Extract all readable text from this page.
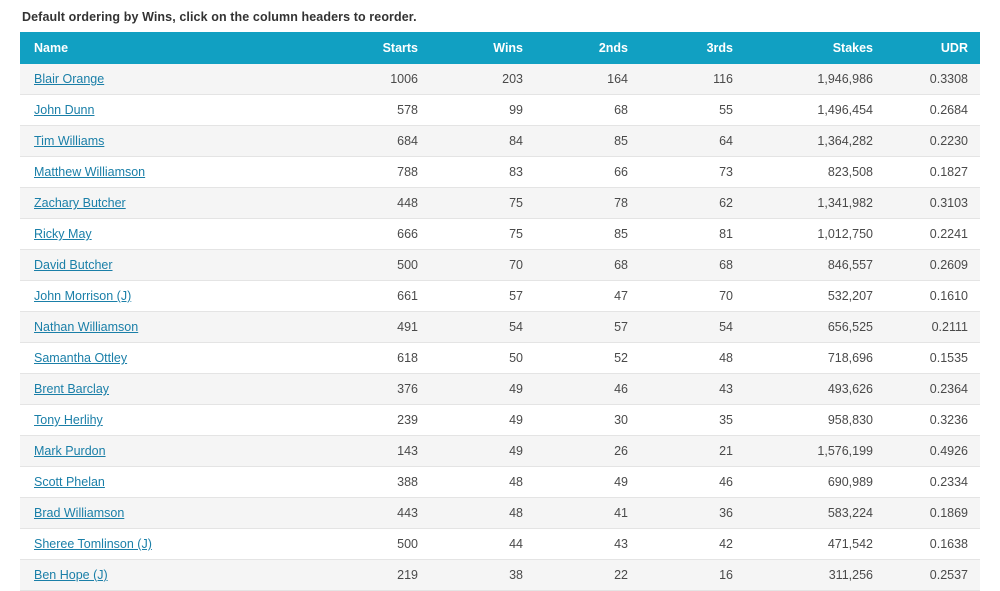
Default ordering by Wins, click on the column headers to reorder.
Name	Starts	Wins	2nds	3rds	Stakes	UDR
Blair Orange	1006	203	164	116	1,946,986	0.3308
John Dunn	578	99	68	55	1,496,454	0.2684
Tim Williams	684	84	85	64	1,364,282	0.2230
Matthew Williamson	788	83	66	73	823,508	0.1827
Zachary Butcher	448	75	78	62	1,341,982	0.3103
Ricky May	666	75	85	81	1,012,750	0.2241
David Butcher	500	70	68	68	846,557	0.2609
John Morrison (J)	661	57	47	70	532,207	0.1610
Nathan Williamson	491	54	57	54	656,525	0.2111
Samantha Ottley	618	50	52	48	718,696	0.1535
Brent Barclay	376	49	46	43	493,626	0.2364
Tony Herlihy	239	49	30	35	958,830	0.3236
Mark Purdon	143	49	26	21	1,576,199	0.4926
Scott Phelan	388	48	49	46	690,989	0.2334
Brad Williamson	443	48	41	36	583,224	0.1869
Sheree Tomlinson (J)	500	44	43	42	471,542	0.1638
Ben Hope (J)	219	38	22	16	311,256	0.2537
